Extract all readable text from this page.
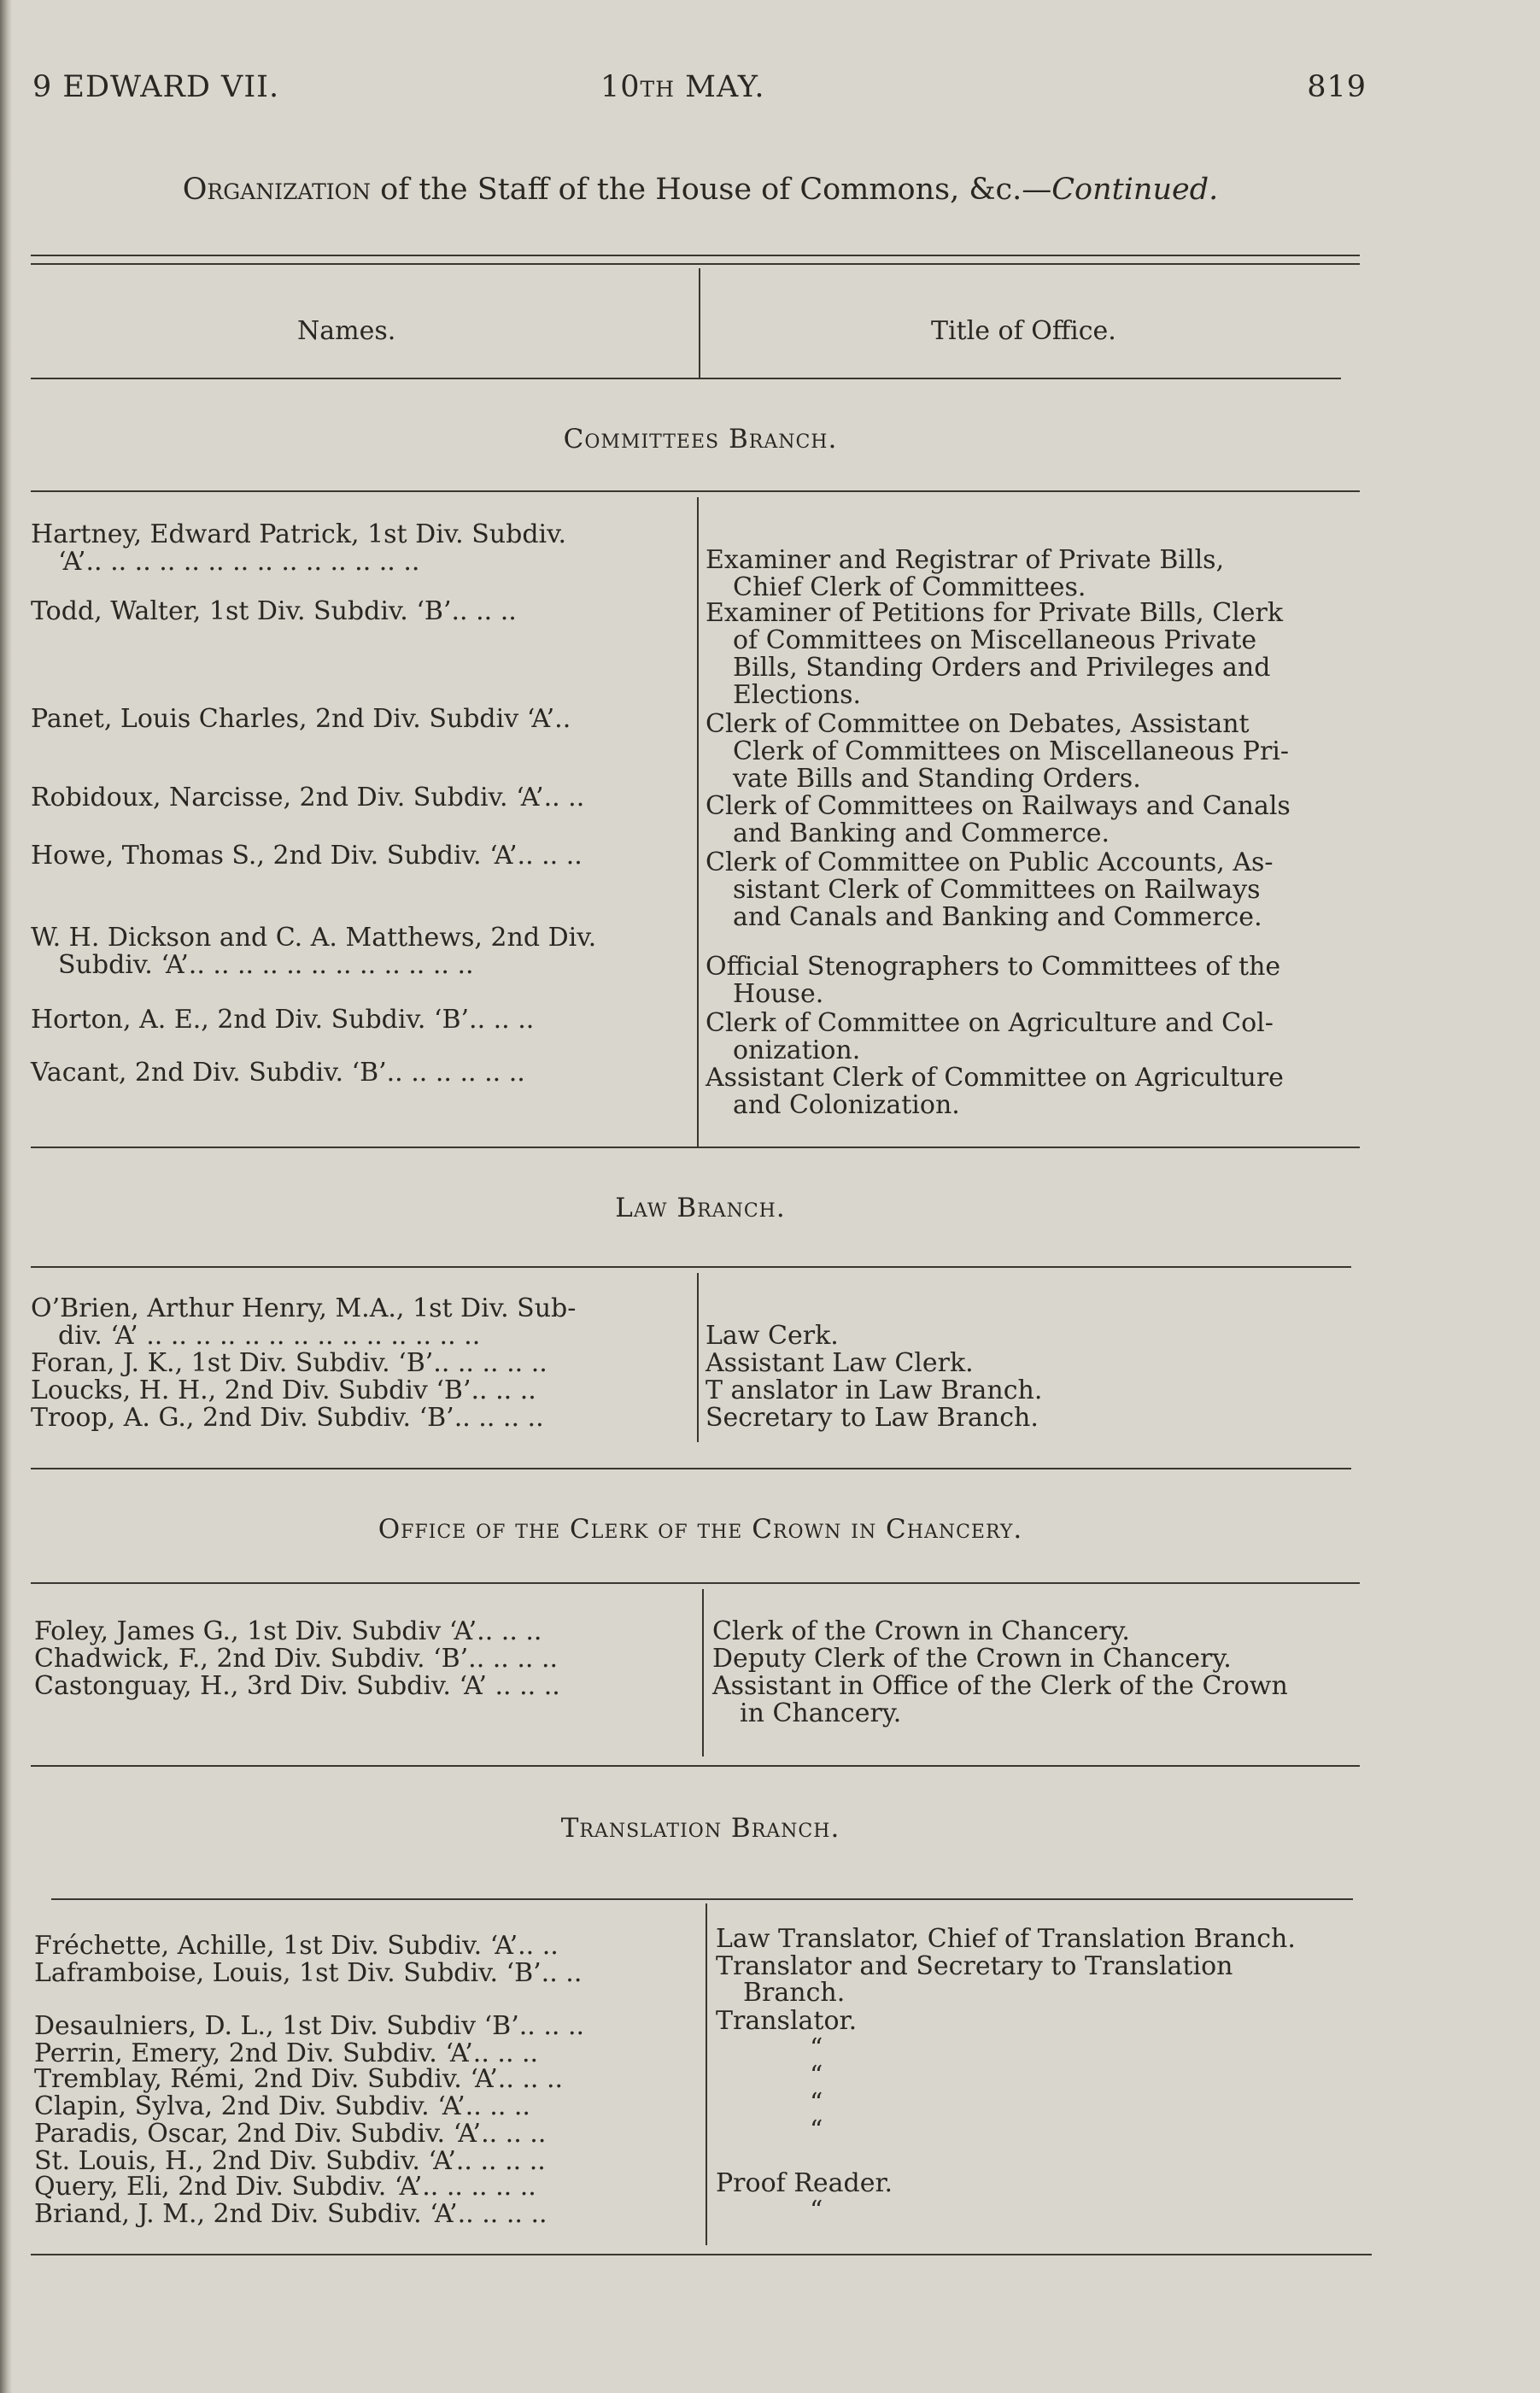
9 EDWARD VII.	10th MAY.	819
Organization of the Staff of the House of Commons, &c.—Continued.
Names.	Title of Office.
Committees Branch.
Hartney, Edward Patrick, 1st Div. Subdiv.
‘A’.. .. .. .. .. .. .. .. .. .. .. .. .. ..	Examiner and Registrar of Private Bills,
Chief Clerk of Committees.
Todd, Walter, 1st Div. Subdiv. ‘B’.. .. ..	Examiner of Petitions for Private Bills, Clerk
of Committees on Miscellaneous Private
Bills, Standing Orders and Privileges and
Elections.
Panet, Louis Charles, 2nd Div. Subdiv ‘A’..	Clerk of Committee on Debates, Assistant
Clerk of Committees on Miscellaneous Pri-
vate Bills and Standing Orders.
Robidoux, Narcisse, 2nd Div. Subdiv. ‘A’.. ..	Clerk of Committees on Railways and Canals
and Banking and Commerce.
Howe, Thomas S., 2nd Div. Subdiv. ‘A’.. .. ..	Clerk of Committee on Public Accounts, As-
sistant Clerk of Committees on Railways
and Canals and Banking and Commerce.
W. H. Dickson and C. A. Matthews, 2nd Div.
Subdiv. ‘A’.. .. .. .. .. .. .. .. .. .. .. ..	Official Stenographers to Committees of the
House.
Horton, A. E., 2nd Div. Subdiv. ‘B’.. .. ..	Clerk of Committee on Agriculture and Col-
onization.
Vacant, 2nd Div. Subdiv. ‘B’.. .. .. .. .. ..	Assistant Clerk of Committee on Agriculture
and Colonization.
Law Branch.
O’Brien, Arthur Henry, M.A., 1st Div. Sub-
div. ‘A’ .. .. .. .. .. .. .. .. .. .. .. .. .. ..	Law Cerk.
Foran, J. K., 1st Div. Subdiv. ‘B’.. .. .. .. ..	Assistant Law Clerk.
Loucks, H. H., 2nd Div. Subdiv ‘B’.. .. ..	T anslator in Law Branch.
Troop, A. G., 2nd Div. Subdiv. ‘B’.. .. .. ..	Secretary to Law Branch.
Office of the Clerk of the Crown in Chancery.
Foley, James G., 1st Div. Subdiv ‘A’.. .. ..	Clerk of the Crown in Chancery.
Chadwick, F., 2nd Div. Subdiv. ‘B’.. .. .. ..	Deputy Clerk of the Crown in Chancery.
Castonguay, H., 3rd Div. Subdiv. ‘A’ .. .. ..	Assistant in Office of the Clerk of the Crown
in Chancery.
Translation Branch.
Fréchette, Achille, 1st Div. Subdiv. ‘A’.. ..	Law Translator, Chief of Translation Branch.
Laframboise, Louis, 1st Div. Subdiv. ‘B’.. ..	Translator and Secretary to Translation
Branch.
Desaulniers, D. L., 1st Div. Subdiv ‘B’.. .. ..	Translator.
Perrin, Emery, 2nd Div. Subdiv. ‘A’.. .. ..	“
Tremblay, Rémi, 2nd Div. Subdiv. ‘A’.. .. ..	“
Clapin, Sylva, 2nd Div. Subdiv. ‘A’.. .. ..	“
Paradis, Oscar, 2nd Div. Subdiv. ‘A’.. .. ..	“
St. Louis, H., 2nd Div. Subdiv. ‘A’.. .. .. ..
Query, Eli, 2nd Div. Subdiv. ‘A’.. .. .. .. ..	Proof Reader.
Briand, J. M., 2nd Div. Subdiv. ‘A’.. .. .. ..	“
